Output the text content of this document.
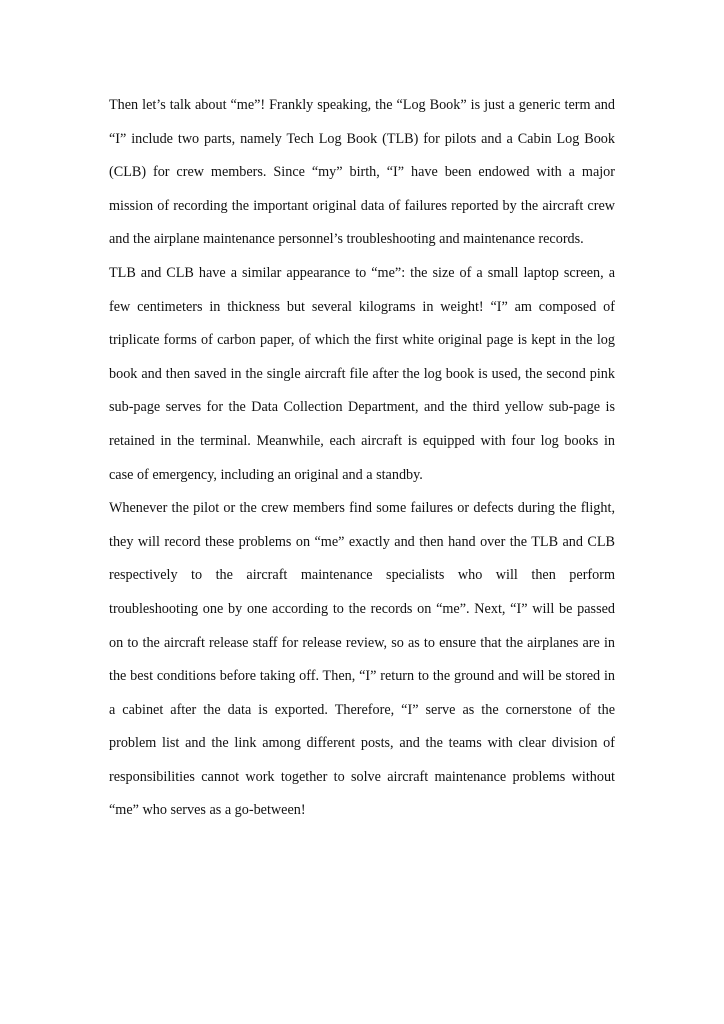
Then let’s talk about “me”! Frankly speaking, the “Log Book” is just a generic term and “I” include two parts, namely Tech Log Book (TLB) for pilots and a Cabin Log Book (CLB) for crew members. Since “my” birth, “I” have been endowed with a major mission of recording the important original data of failures reported by the aircraft crew and the airplane maintenance personnel’s troubleshooting and maintenance records.

TLB and CLB have a similar appearance to “me”: the size of a small laptop screen, a few centimeters in thickness but several kilograms in weight! “I” am composed of triplicate forms of carbon paper, of which the first white original page is kept in the log book and then saved in the single aircraft file after the log book is used, the second pink sub-page serves for the Data Collection Department, and the third yellow sub-page is retained in the terminal. Meanwhile, each aircraft is equipped with four log books in case of emergency, including an original and a standby.

Whenever the pilot or the crew members find some failures or defects during the flight, they will record these problems on “me” exactly and then hand over the TLB and CLB respectively to the aircraft maintenance specialists who will then perform troubleshooting one by one according to the records on “me”. Next, “I” will be passed on to the aircraft release staff for release review, so as to ensure that the airplanes are in the best conditions before taking off. Then, “I” return to the ground and will be stored in a cabinet after the data is exported. Therefore, “I” serve as the cornerstone of the problem list and the link among different posts, and the teams with clear division of responsibilities cannot work together to solve aircraft maintenance problems without “me” who serves as a go-between!
